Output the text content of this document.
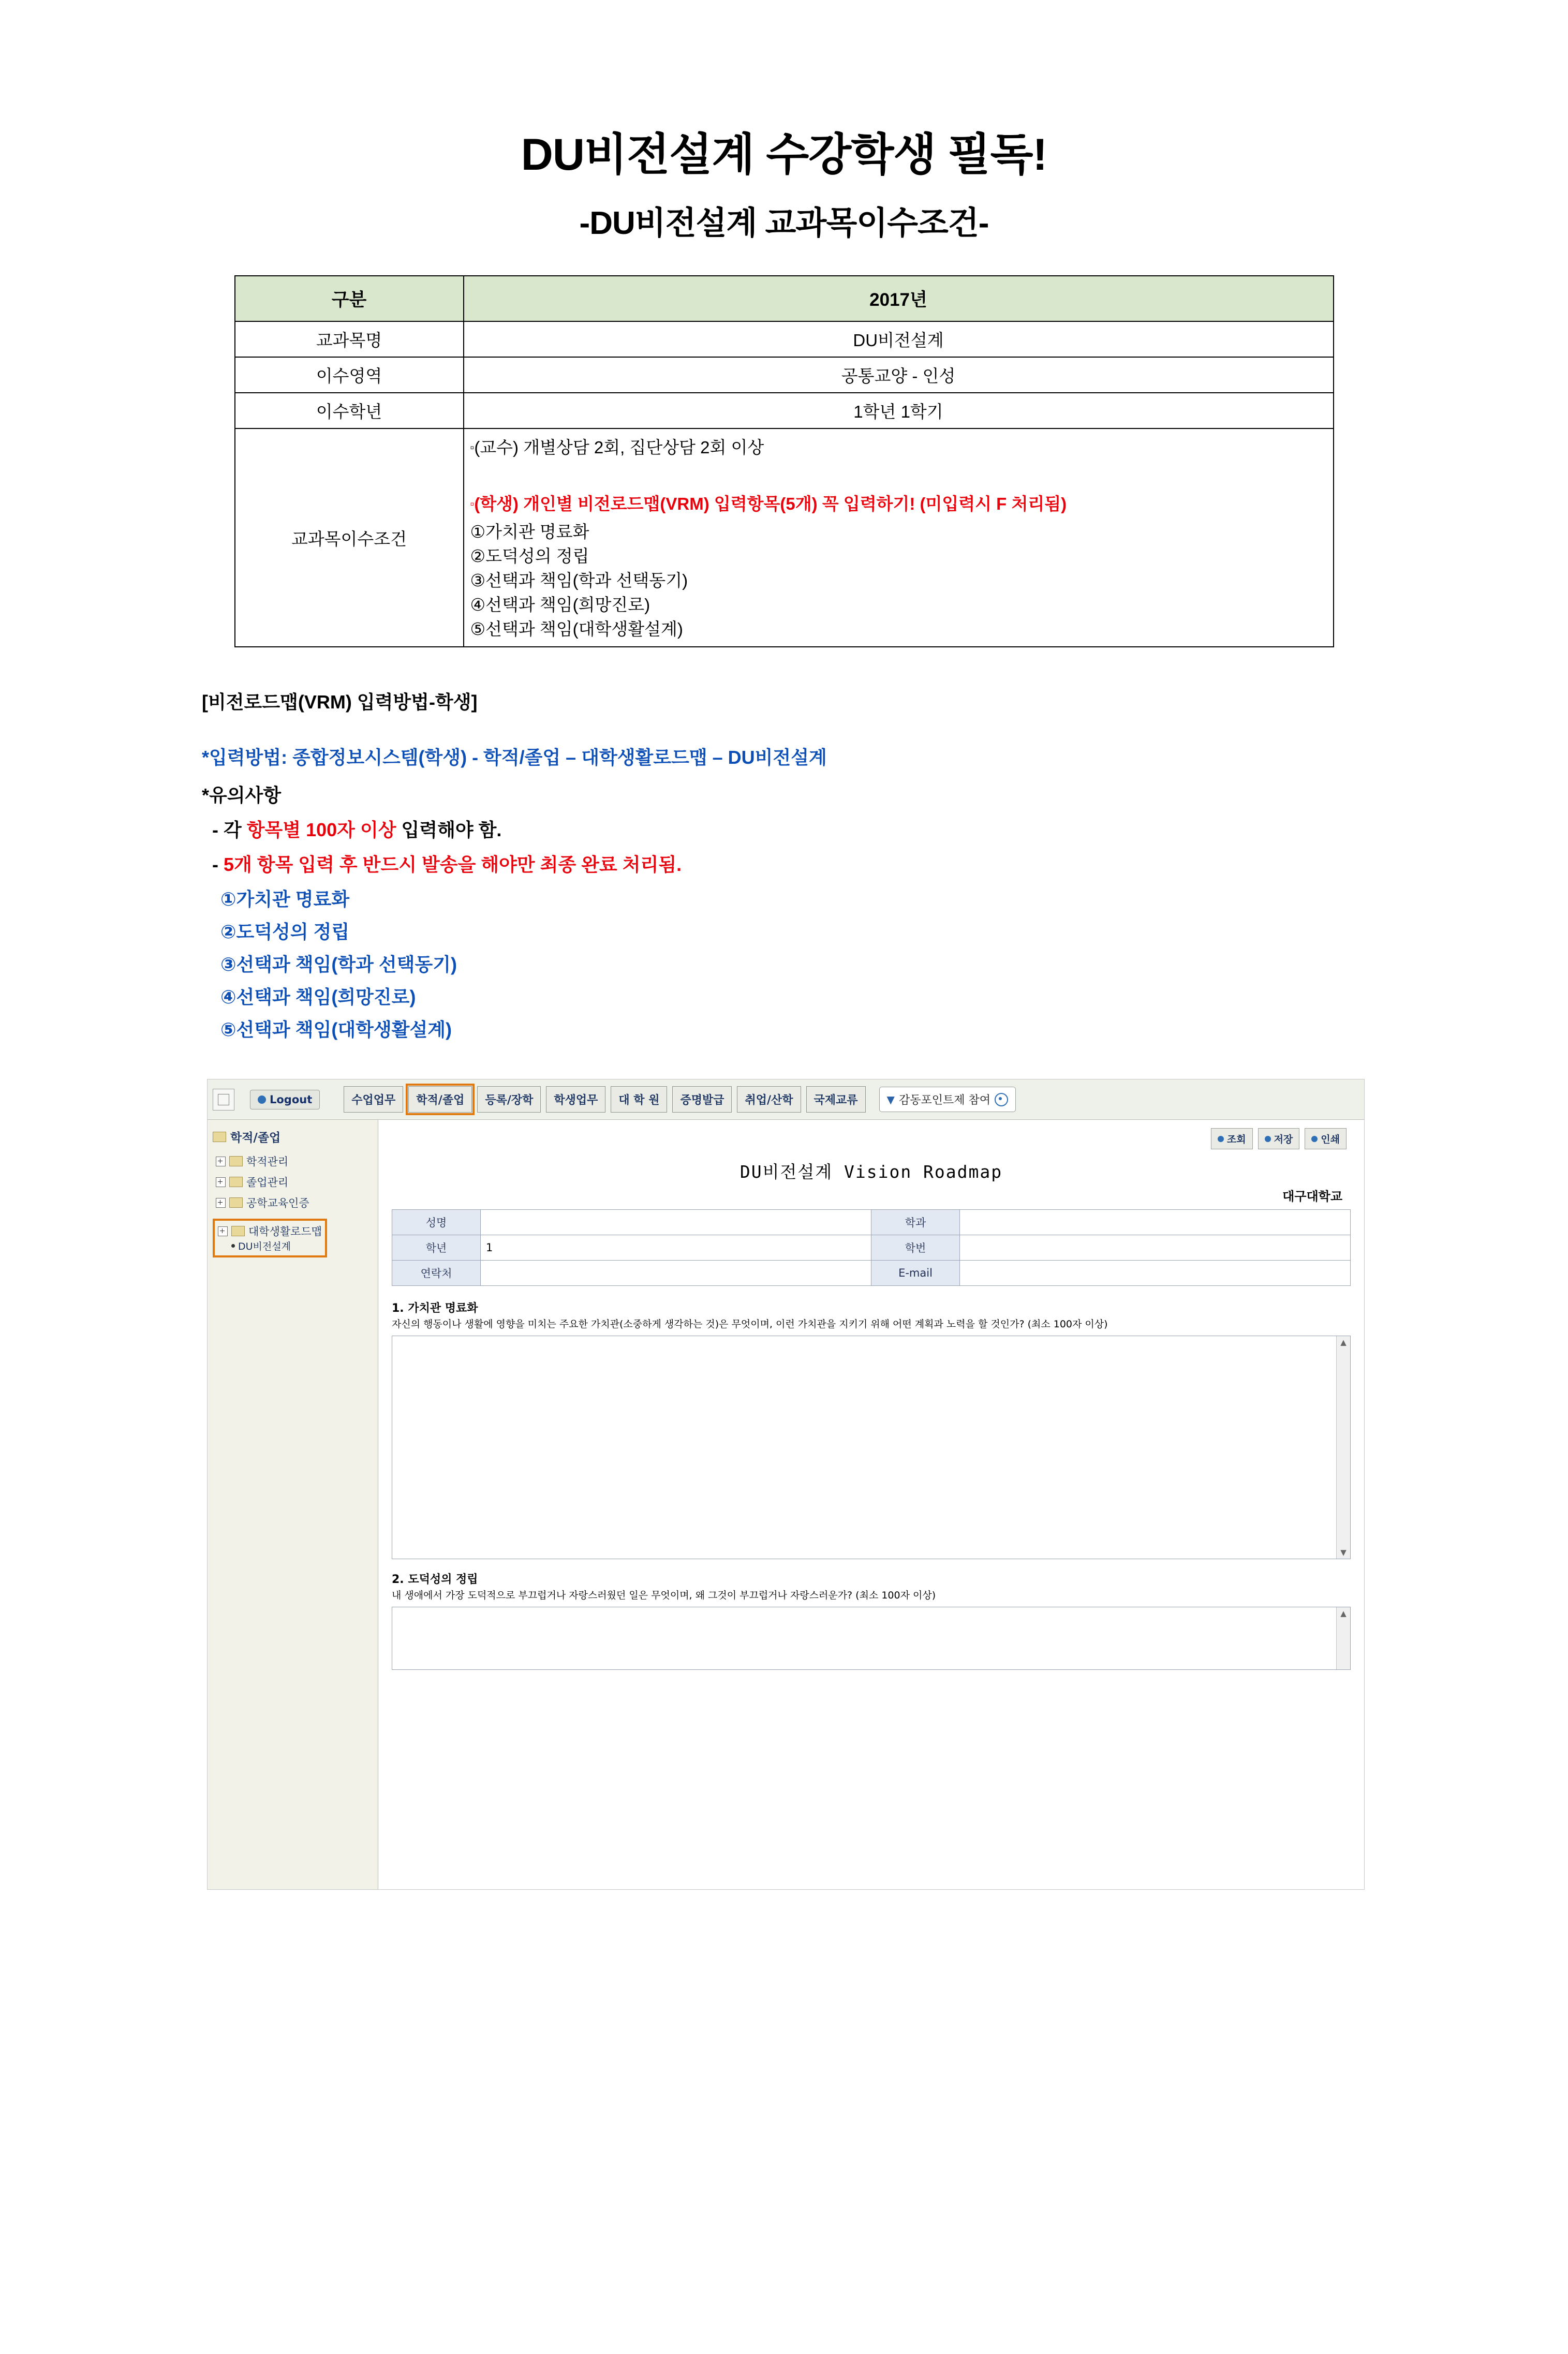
DU비전설계 수강학생 필독!
-DU비전설계 교과목이수조건-
구분	2017년
교과목명	DU비전설계
이수영역	공통교양 - 인성
이수학년	1학년 1학기
교과목이수조건	
▫(교수) 개별상담 2회, 집단상담 2회 이상
▫(학생) 개인별 비전로드맵(VRM) 입력항목(5개) 꼭 입력하기! (미입력시 F 처리됨)
①가치관 명료화
②도덕성의 정립
③선택과 책임(학과 선택동기)
④선택과 책임(희망진로)
⑤선택과 책임(대학생활설계)
[비전로드맵(VRM) 입력방법-학생]
*입력방법: 종합정보시스템(학생) - 학적/졸업 – 대학생활로드맵 – DU비전설계
*유의사항
- 각 항목별 100자 이상 입력해야 함.
- 5개 항목 입력 후 반드시 발송을 해야만 최종 완료 처리됨.
①가치관 명료화
②도덕성의 정립
③선택과 책임(학과 선택동기)
④선택과 책임(희망진로)
⑤선택과 책임(대학생활설계)
Logout	수업업무	학적/졸업	등록/장학	학생업무	대 학 원	증명발급	취업/산학	국제교류	▼ 감동포인트제 참여
학적/졸업
학적관리
졸업관리
공학교육인증
대학생활로드맵
DU비전설계
조회	저장	인쇄
DU비전설계 Vision Roadmap
대구대학교
성명		학과	
학년	1	학번	
연락처		E-mail	
1. 가치관 명료화
자신의 행동이나 생활에 영향을 미치는 주요한 가치관(소중하게 생각하는 것)은 무엇이며, 이런 가치관을 지키기 위해 어떤 계획과 노력을 할 것인가? (최소 100자 이상)
▲
▼
2. 도덕성의 정립
내 생애에서 가장 도덕적으로 부끄럽거나 자랑스러웠던 일은 무엇이며, 왜 그것이 부끄럽거나 자랑스러운가? (최소 100자 이상)
▲
